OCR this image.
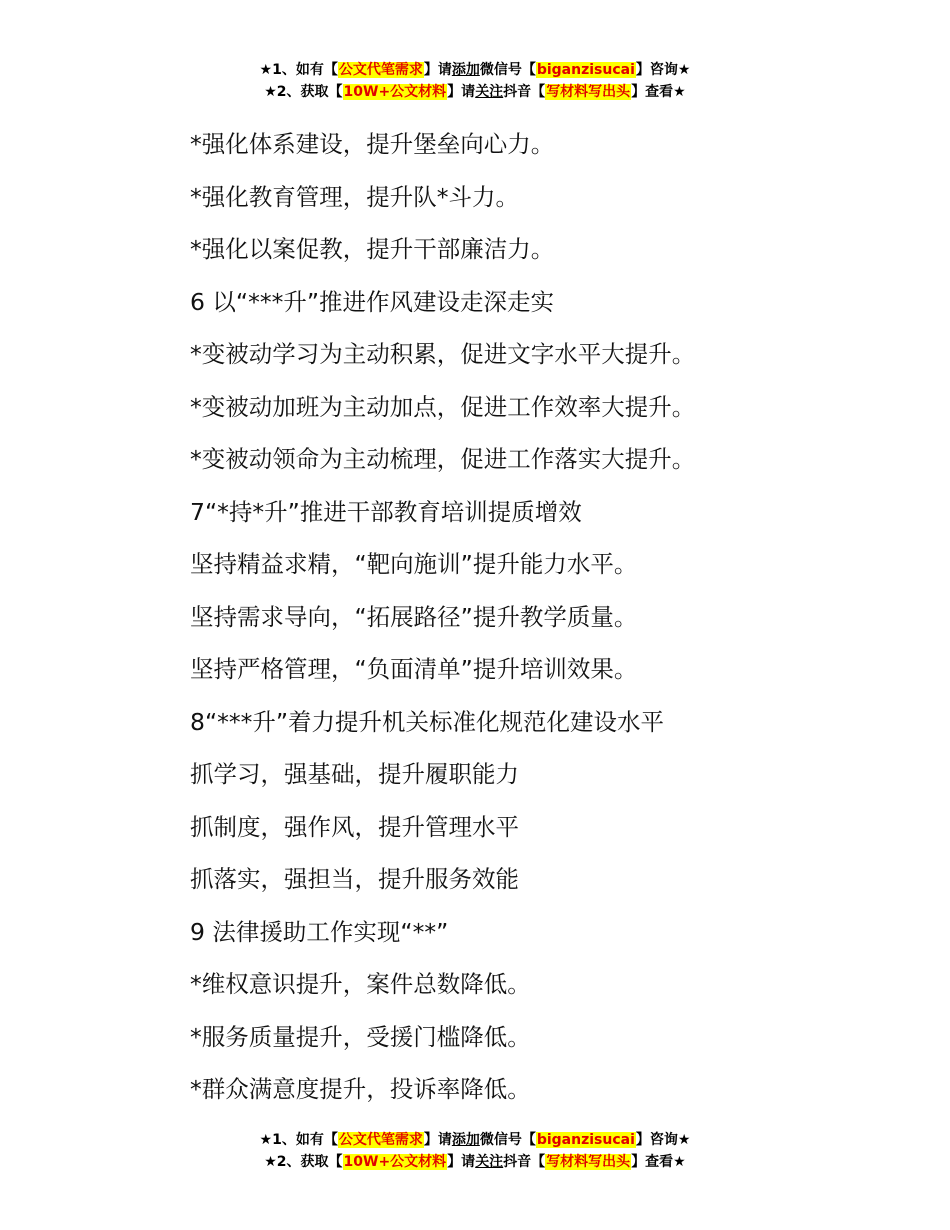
★1、如有【公文代笔需求】请添加微信号【biganzisucai】咨询★
★2、获取【10W+公文材料】请关注抖音【写材料写出头】查看★
*强化体系建设，提升堡垒向心力。
*强化教育管理，提升队*斗力。
*强化以案促教，提升干部廉洁力。
6 以“***升”推进作风建设走深走实
*变被动学习为主动积累，促进文字水平大提升。
*变被动加班为主动加点，促进工作效率大提升。
*变被动领命为主动梳理，促进工作落实大提升。
7“*持*升”推进干部教育培训提质增效
坚持精益求精，“靶向施训”提升能力水平。
坚持需求导向，“拓展路径”提升教学质量。
坚持严格管理，“负面清单”提升培训效果。
8“***升”着力提升机关标准化规范化建设水平
抓学习，强基础，提升履职能力
抓制度，强作风，提升管理水平
抓落实，强担当，提升服务效能
9 法律援助工作实现“**”
*维权意识提升，案件总数降低。
*服务质量提升，受援门槛降低。
*群众满意度提升，投诉率降低。
★1、如有【公文代笔需求】请添加微信号【biganzisucai】咨询★
★2、获取【10W+公文材料】请关注抖音【写材料写出头】查看★
